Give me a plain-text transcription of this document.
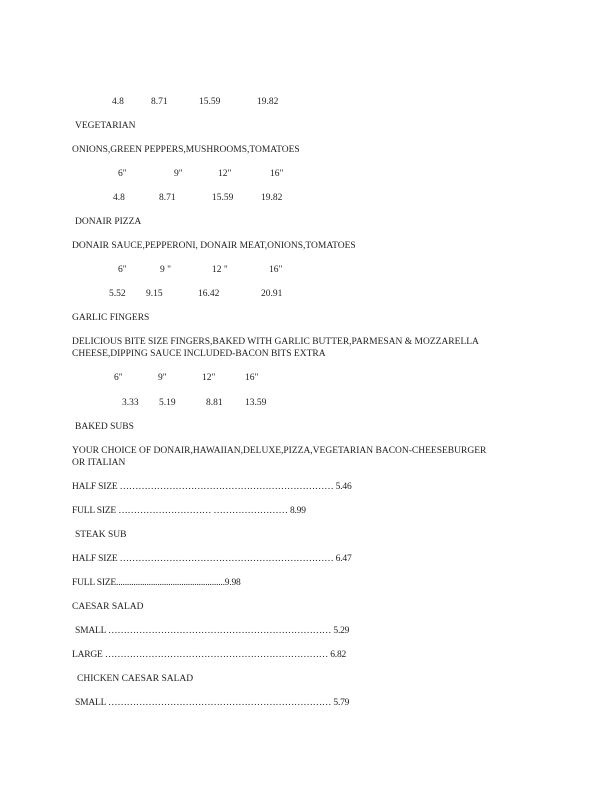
4.8	8.71	15.59	19.82
VEGETARIAN
ONIONS,GREEN PEPPERS,MUSHROOMS,TOMATOES
6"	9"	12"	16"
4.8	8.71	15.59	19.82
DONAIR PIZZA
DONAIR SAUCE,PEPPERONI, DONAIR MEAT,ONIONS,TOMATOES
6"	9 "	12 "	16"
5.52 9.15	16.42	20.91
GARLIC FINGERS
DELICIOUS BITE SIZE FINGERS,BAKED WITH GARLIC BUTTER,PARMESAN & MOZZARELLA
CHEESE,DIPPING SAUCE INCLUDED-BACON BITS EXTRA
6"	9"	12"	16"
3.33 5.19	8.81 13.59
BAKED SUBS
YOUR CHOICE OF DONAIR,HAWAIIAN,DELUXE,PIZZA,VEGETARIAN BACON-CHEESEBURGER
OR ITALIAN
HALF SIZE …………………………………………………………… 5.46
FULL SIZE ………………………… …………………… 8.99
STEAK SUB
HALF SIZE …………………………………………………………… 6.47
FULL SIZE..................................................9.98
CAESAR SALAD
SMALL ……………………………………………………………… 5.29
LARGE ……………………………………………………………… 6.82
CHICKEN CAESAR SALAD
SMALL ……………………………………………………………… 5.79
